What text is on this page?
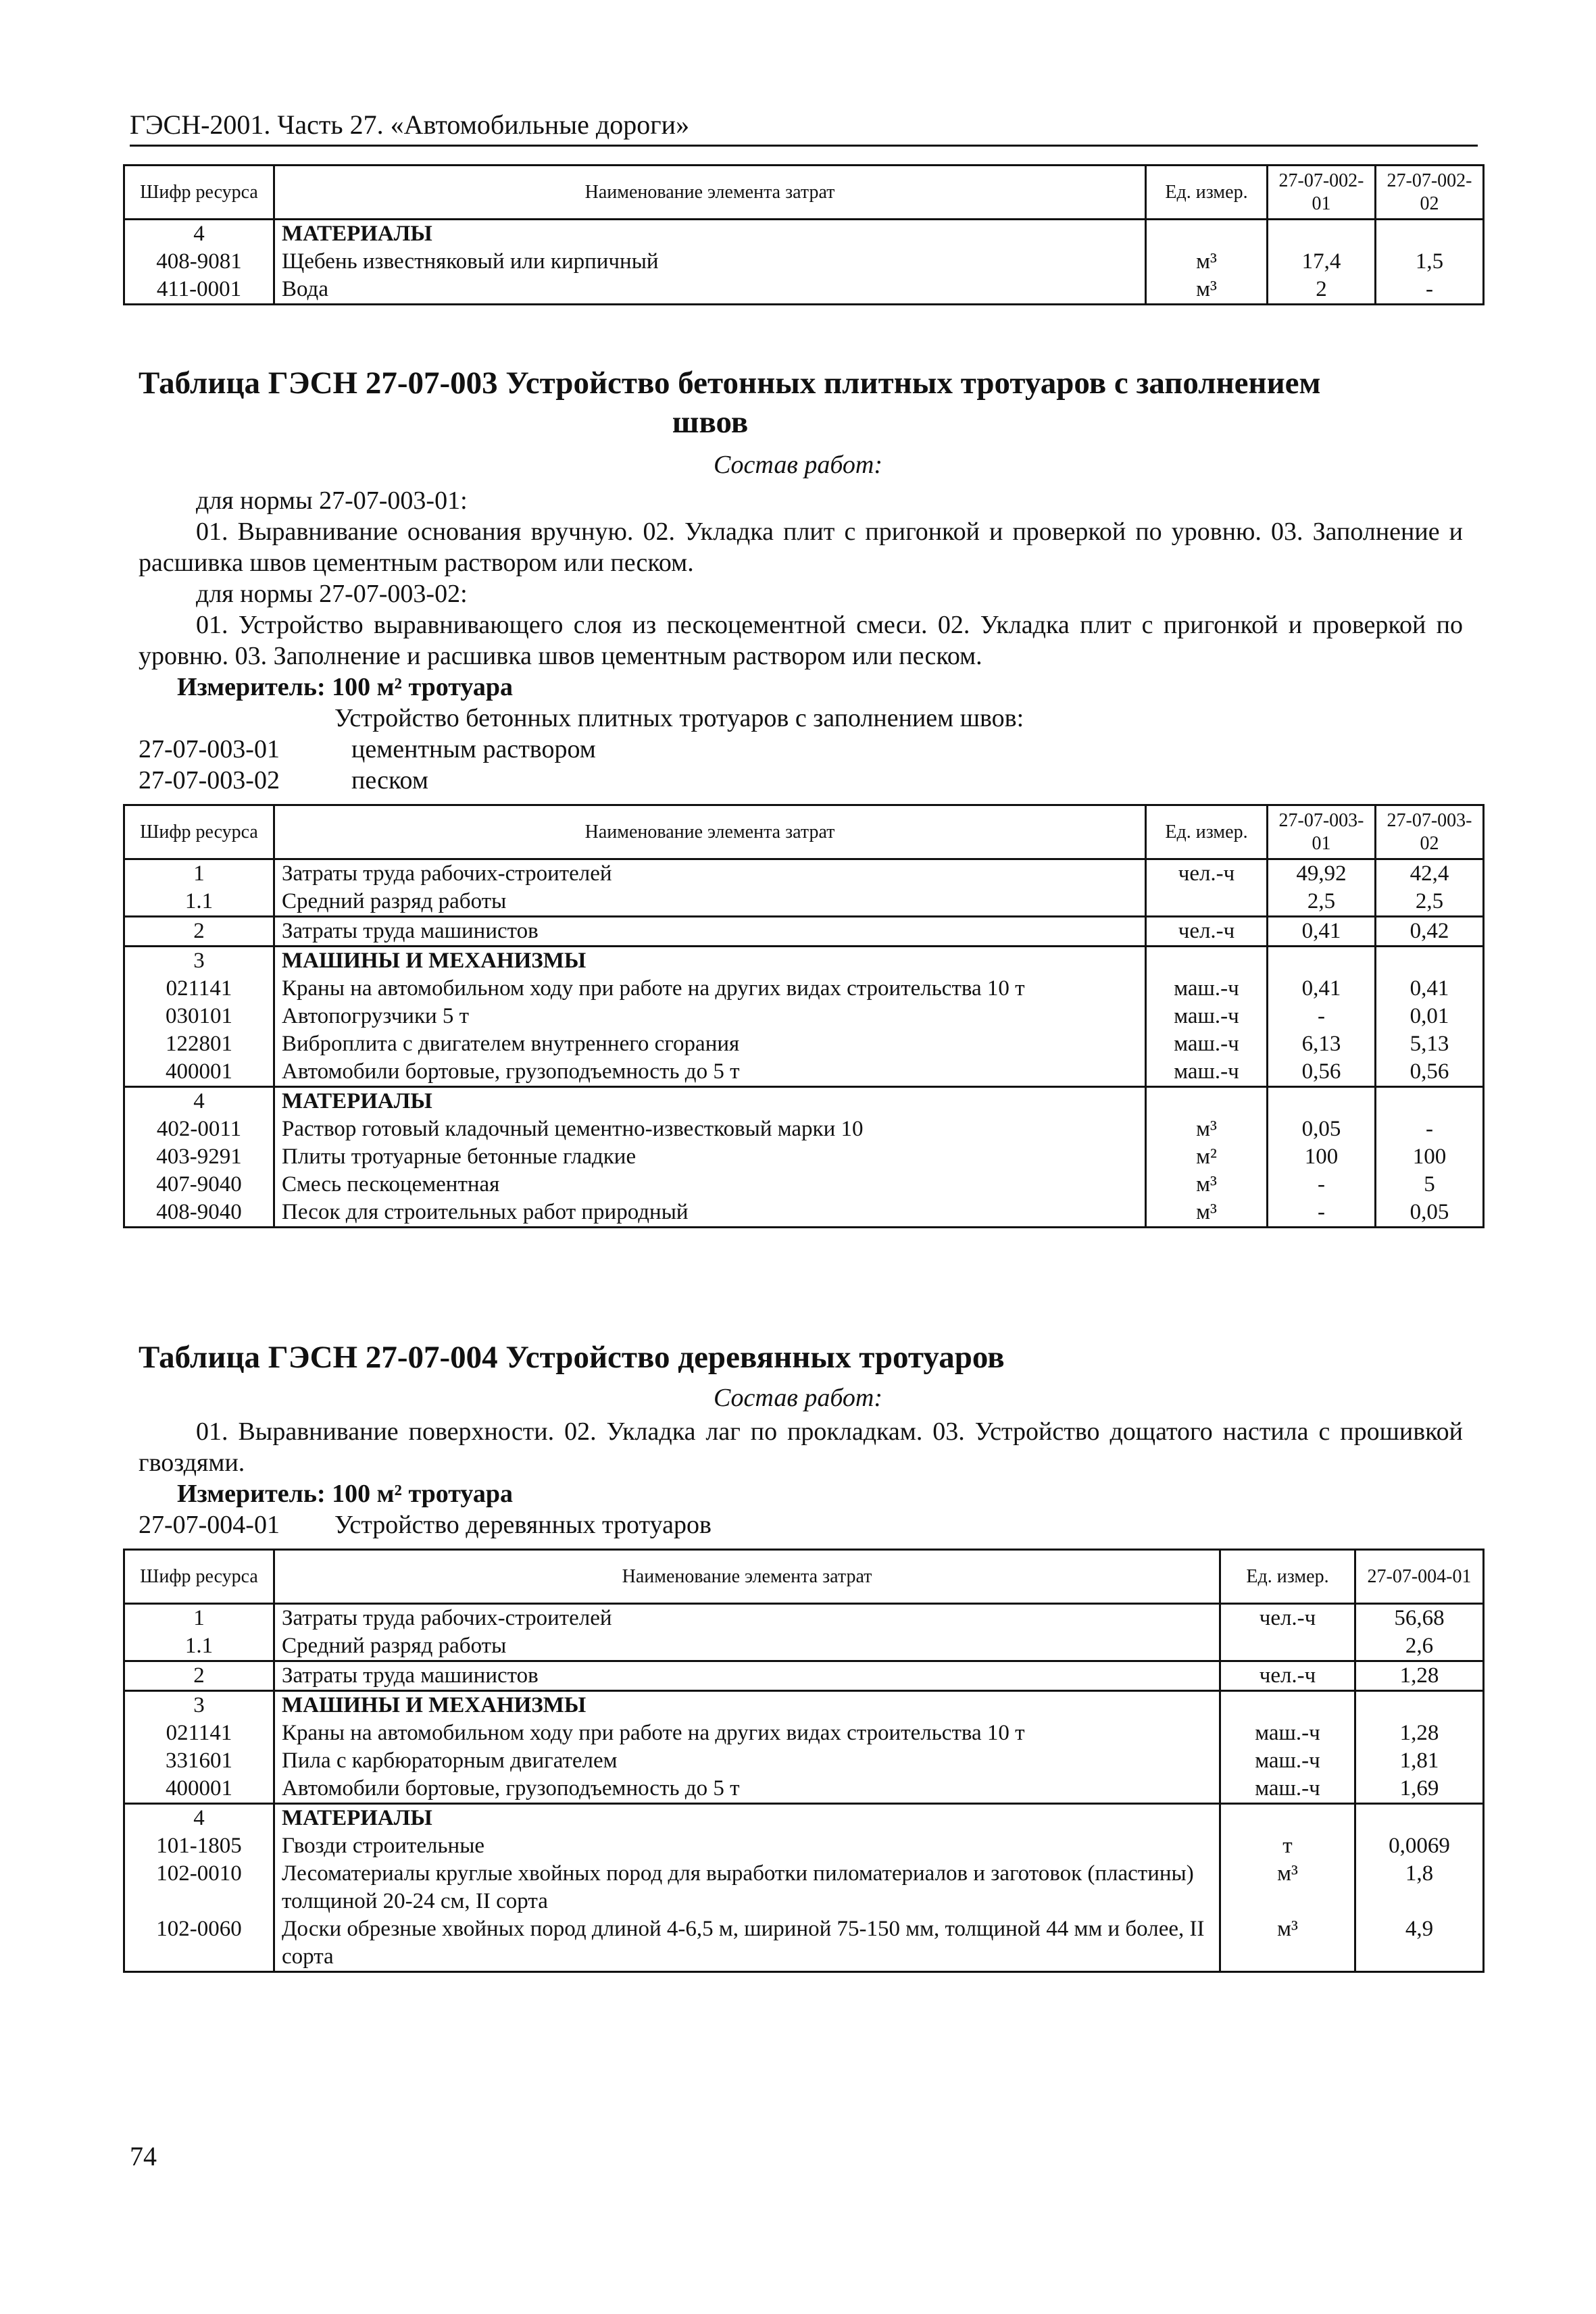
ГЭСН-2001. Часть 27. «Автомобильные дороги»
Шифр ресурса	Наименование элемента затрат	Ед. измер.	27-07-002-01	27-07-002-02
4	МАТЕРИАЛЫ			
408-9081	Щебень известняковый или кирпичный	м³	17,4	1,5
411-0001	Вода	м³	2	-
Таблица ГЭСН 27-07-003 Устройство бетонных плитных тротуаров с заполнением
швов
Состав работ:
для нормы 27-07-003-01:
01. Выравнивание основания вручную. 02. Укладка плит с пригонкой и проверкой по уровню. 03. Заполнение и расшивка швов цементным раствором или песком.
для нормы 27-07-003-02:
01. Устройство выравнивающего слоя из пескоцементной смеси. 02. Укладка плит с пригонкой и проверкой по уровню. 03. Заполнение и расшивка швов цементным раствором или песком.
Измеритель: 100 м² тротуара
Устройство бетонных плитных тротуаров с заполнением швов:
27-07-003-01	цементным раствором
27-07-003-02	песком
Шифр ресурса	Наименование элемента затрат	Ед. измер.	27-07-003-01	27-07-003-02
1	Затраты труда рабочих-строителей	чел.-ч	49,92	42,4
1.1	Средний разряд работы		2,5	2,5
2	Затраты труда машинистов	чел.-ч	0,41	0,42
3	МАШИНЫ И МЕХАНИЗМЫ			
021141	Краны на автомобильном ходу при работе на других видах строительства 10 т	маш.-ч	0,41	0,41
030101	Автопогрузчики 5 т	маш.-ч	-	0,01
122801	Виброплита с двигателем внутреннего сгорания	маш.-ч	6,13	5,13
400001	Автомобили бортовые, грузоподъемность до 5 т	маш.-ч	0,56	0,56
4	МАТЕРИАЛЫ			
402-0011	Раствор готовый кладочный цементно-известковый марки 10	м³	0,05	-
403-9291	Плиты тротуарные бетонные гладкие	м²	100	100
407-9040	Смесь пескоцементная	м³	-	5
408-9040	Песок для строительных работ природный	м³	-	0,05
Таблица ГЭСН 27-07-004 Устройство деревянных тротуаров
Состав работ:
01. Выравнивание поверхности. 02. Укладка лаг по прокладкам. 03. Устройство дощатого настила с прошивкой гвоздями.
Измеритель: 100 м² тротуара
27-07-004-01 Устройство деревянных тротуаров
Шифр ресурса	Наименование элемента затрат	Ед. измер.	27-07-004-01
1	Затраты труда рабочих-строителей	чел.-ч	56,68
1.1	Средний разряд работы		2,6
2	Затраты труда машинистов	чел.-ч	1,28
3	МАШИНЫ И МЕХАНИЗМЫ		
021141	Краны на автомобильном ходу при работе на других видах строительства 10 т	маш.-ч	1,28
331601	Пила с карбюраторным двигателем	маш.-ч	1,81
400001	Автомобили бортовые, грузоподъемность до 5 т	маш.-ч	1,69
4	МАТЕРИАЛЫ		
101-1805	Гвозди строительные	т	0,0069
102-0010	Лесоматериалы круглые хвойных пород для выработки пиломатериалов и заготовок (пластины) толщиной 20-24 см, II сорта	м³	1,8
102-0060	Доски обрезные хвойных пород длиной 4-6,5 м, шириной 75-150 мм, толщиной 44 мм и более, II сорта	м³	4,9
74
